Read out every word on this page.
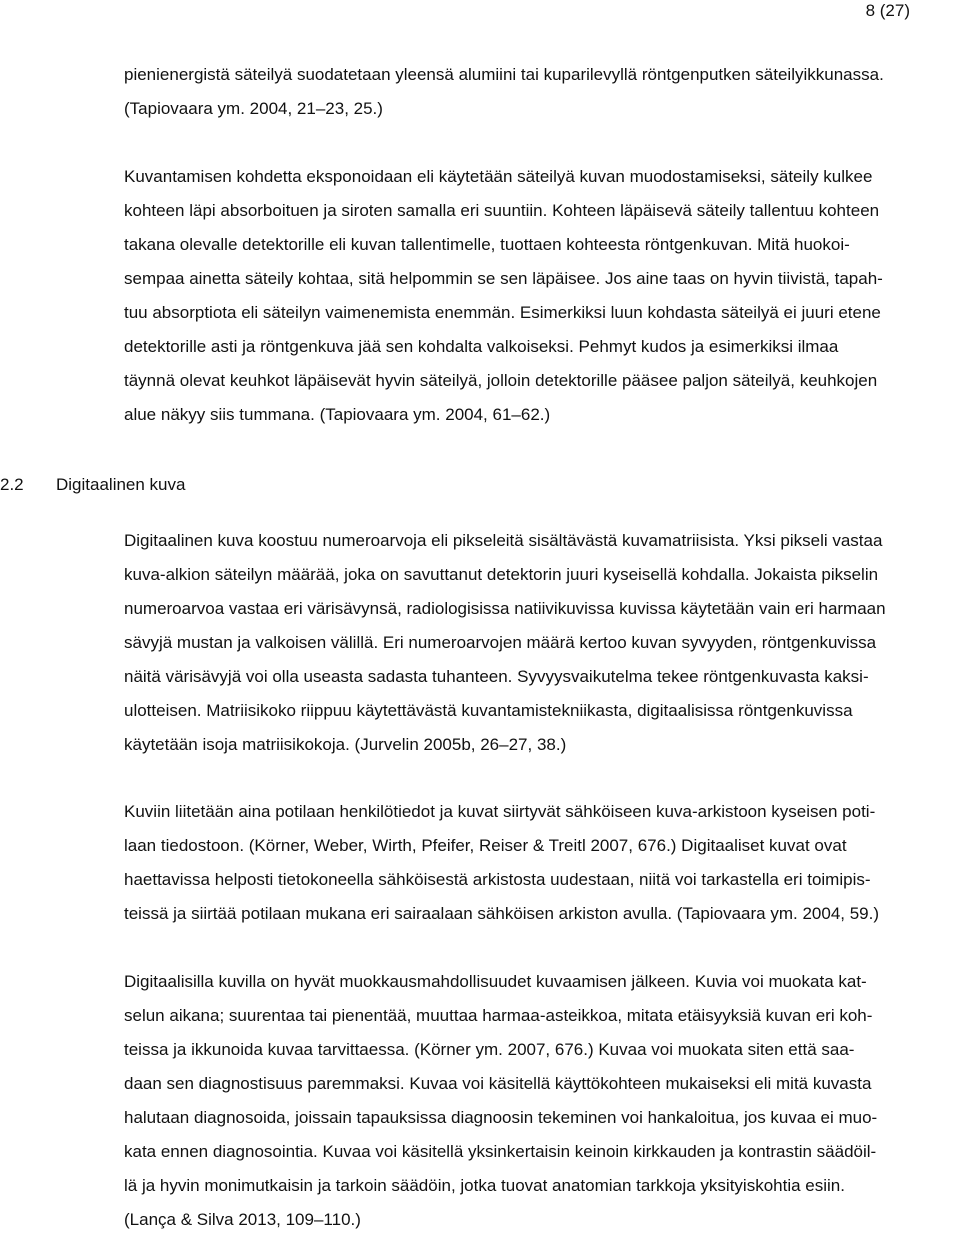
8 (27)
pienienergistä säteilyä suodatetaan yleensä alumiini tai kuparilevyllä röntgenputken säteilyikkunassa.
(Tapiovaara ym. 2004, 21–23, 25.)
Kuvantamisen kohdetta eksponoidaan eli käytetään säteilyä kuvan muodostamiseksi, säteily kulkee
kohteen läpi absorboituen ja siroten samalla eri suuntiin. Kohteen läpäisevä säteily tallentuu kohteen
takana olevalle detektorille eli kuvan tallentimelle, tuottaen kohteesta röntgenkuvan. Mitä huokoi-
sempaa ainetta säteily kohtaa, sitä helpommin se sen läpäisee. Jos aine taas on hyvin tiivistä, tapah-
tuu absorptiota eli säteilyn vaimenemista enemmän. Esimerkiksi luun kohdasta säteilyä ei juuri etene
detektorille asti ja röntgenkuva jää sen kohdalta valkoiseksi. Pehmyt kudos ja esimerkiksi ilmaa
täynnä olevat keuhkot läpäisevät hyvin säteilyä, jolloin detektorille pääsee paljon säteilyä, keuhkojen
alue näkyy siis tummana. (Tapiovaara ym. 2004, 61–62.)
2.2 Digitaalinen kuva
Digitaalinen kuva koostuu numeroarvoja eli pikseleitä sisältävästä kuvamatriisista. Yksi pikseli vastaa
kuva-alkion säteilyn määrää, joka on savuttanut detektorin juuri kyseisellä kohdalla. Jokaista pikselin
numeroarvoa vastaa eri värisävynsä, radiologisissa natiivikuvissa kuvissa käytetään vain eri harmaan
sävyjä mustan ja valkoisen välillä. Eri numeroarvojen määrä kertoo kuvan syvyyden, röntgenkuvissa
näitä värisävyjä voi olla useasta sadasta tuhanteen. Syvyysvaikutelma tekee röntgenkuvasta kaksi-
ulotteisen. Matriisikoko riippuu käytettävästä kuvantamistekniikasta, digitaalisissa röntgenkuvissa
käytetään isoja matriisikokoja. (Jurvelin 2005b, 26–27, 38.)
Kuviin liitetään aina potilaan henkilötiedot ja kuvat siirtyvät sähköiseen kuva-arkistoon kyseisen poti-
laan tiedostoon. (Körner, Weber, Wirth, Pfeifer, Reiser & Treitl 2007, 676.) Digitaaliset kuvat ovat
haettavissa helposti tietokoneella sähköisestä arkistosta uudestaan, niitä voi tarkastella eri toimipis-
teissä ja siirtää potilaan mukana eri sairaalaan sähköisen arkiston avulla. (Tapiovaara ym. 2004, 59.)
Digitaalisilla kuvilla on hyvät muokkausmahdollisuudet kuvaamisen jälkeen. Kuvia voi muokata kat-
selun aikana; suurentaa tai pienentää, muuttaa harmaa-asteikkoa, mitata etäisyyksiä kuvan eri koh-
teissa ja ikkunoida kuvaa tarvittaessa. (Körner ym. 2007, 676.) Kuvaa voi muokata siten että saa-
daan sen diagnostisuus paremmaksi. Kuvaa voi käsitellä käyttökohteen mukaiseksi eli mitä kuvasta
halutaan diagnosoida, joissain tapauksissa diagnoosin tekeminen voi hankaloitua, jos kuvaa ei muo-
kata ennen diagnosointia. Kuvaa voi käsitellä yksinkertaisin keinoin kirkkauden ja kontrastin säädöil-
lä ja hyvin monimutkaisin ja tarkoin säädöin, jotka tuovat anatomian tarkkoja yksityiskohtia esiin.
(Lança & Silva 2013, 109–110.)
